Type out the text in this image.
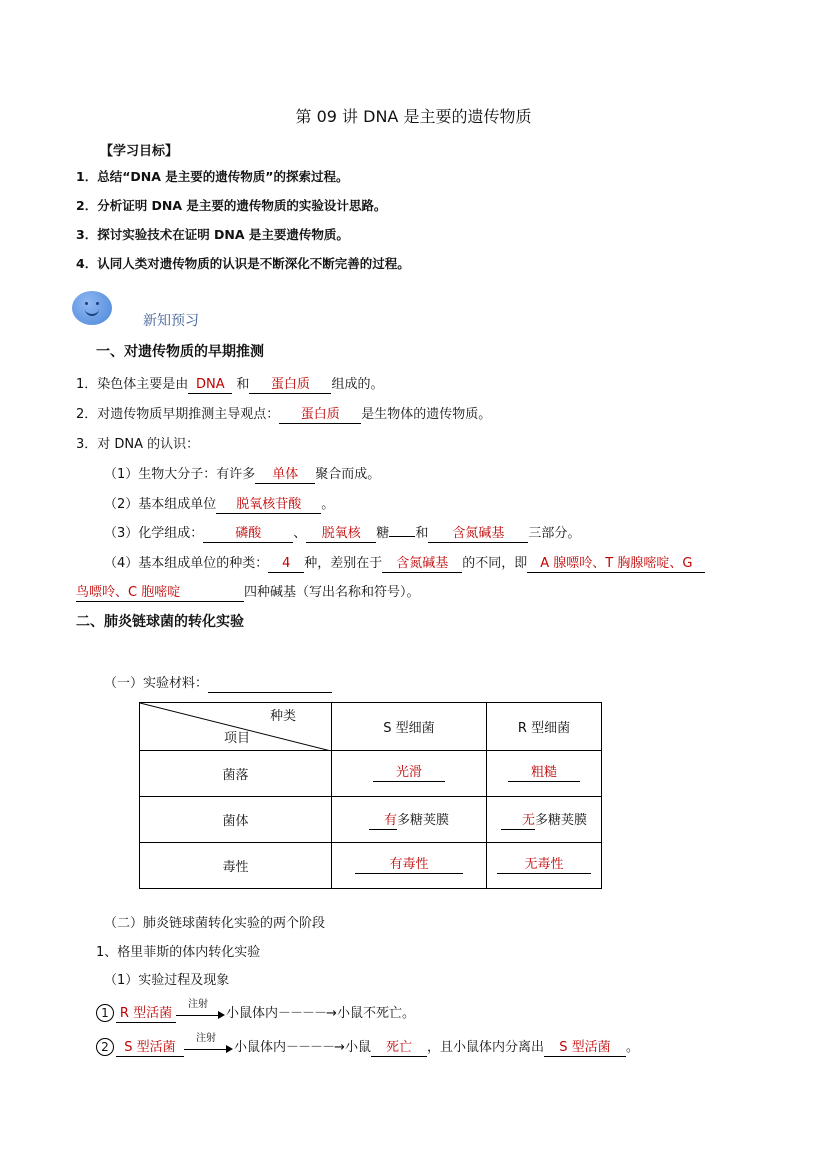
第 09 讲 DNA 是主要的遗传物质
【学习目标】
1．总结“DNA 是主要的遗传物质”的探索过程。
2．分析证明 DNA 是主要的遗传物质的实验设计思路。
3．探讨实验技术在证明 DNA 是主要遗传物质。
4．认同人类对遗传物质的认识是不断深化不断完善的过程。
新知预习
一、对遗传物质的早期推测
1．染色体主要是由 DNA 和 蛋白质 组成的。
2．对遗传物质早期推测主导观点： 蛋白质 是生物体的遗传物质。
3．对 DNA 的认识：
（1）生物大分子：有许多 单体 聚合而成。
（2）基本组成单位 脱氧核苷酸 。
（3）化学组成： 磷酸 、 脱氧核 糖 和 含氮碱基 三部分。
（4）基本组成单位的种类： 4 种，差别在于 含氮碱基 的不同，即 A 腺嘌呤、T 胸腺嘧啶、G
鸟嘌呤、C 胞嘧啶	四种碱基（写出名称和符号）。
二、肺炎链球菌的转化实验
（一）实验材料：
种类
项目	S 型细菌	R 型细菌
菌落	光滑	粗糙
菌体	有多糖荚膜	无多糖荚膜
毒性	有毒性	无毒性
（二）肺炎链球菌转化实验的两个阶段
1、格里菲斯的体内转化实验
（1）实验过程及现象
1 R 型活菌
注射
小鼠体内－－－－→小鼠不死亡。
2 S 型活菌
注射
小鼠体内－－－－→小鼠 死亡 ，且小鼠体内分离出 S 型活菌 。
